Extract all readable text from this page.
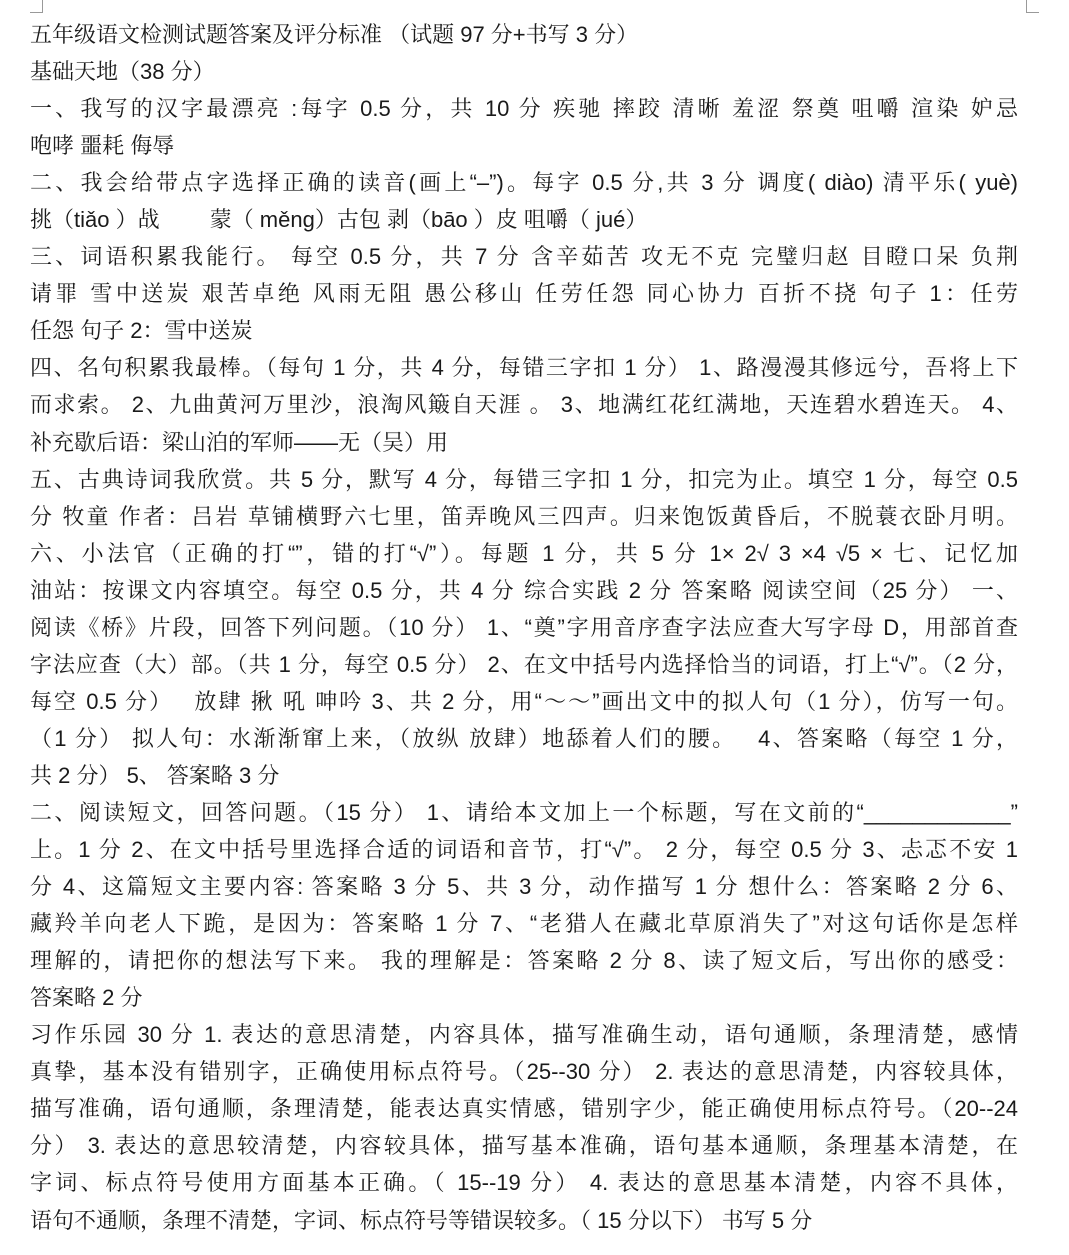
五年级语文检测试题答案及评分标准 （试题 97 分+书写 3 分）
基础天地（38 分）
一、我写的汉字最漂亮 :每字 0.5 分，共 10 分 疾驰 摔跤 清晰 羞涩 祭奠 咀嚼 渲染 妒忌
咆哮 噩耗 侮辱
二、我会给带点字选择正确的读音(画上“–”)。每字 0.5 分,共 3 分 调度( diào) 清平乐( yuè)
挑（tiǎo ）战　　 蒙（ měng）古包 剥（bāo ）皮 咀嚼（ jué）
三、词语积累我能行。 每空 0.5 分，共 7 分 含辛茹苦 攻无不克 完璧归赵 目瞪口呆 负荆
请罪 雪中送炭 艰苦卓绝 风雨无阻 愚公移山 任劳任怨 同心协力 百折不挠 句子 1：任劳
任怨 句子 2：雪中送炭
四、名句积累我最棒。（每句 1 分，共 4 分，每错三字扣 1 分） 1、路漫漫其修远兮，吾将上下
而求索。 2、九曲黄河万里沙，浪淘风簸自天涯 。 3、地满红花红满地，天连碧水碧连天。 4、
补充歇后语：梁山泊的军师——无（吴）用
五、古典诗词我欣赏。共 5 分，默写 4 分，每错三字扣 1 分，扣完为止。填空 1 分，每空 0.5
分 牧童 作者：吕岩 草铺横野六七里，笛弄晚风三四声。归来饱饭黄昏后，不脱蓑衣卧月明。
六、小法官（正确的打“”，错的打“√”）。每题 1 分，共 5 分 1× 2√ 3 ×4 √5 × 七、记忆加
油站：按课文内容填空。每空 0.5 分，共 4 分 综合实践 2 分 答案略 阅读空间（25 分） 一、
阅读《桥》片段，回答下列问题。（10 分） 1、“奠”字用音序查字法应查大写字母 D，用部首查
字法应查（大）部。（共 1 分，每空 0.5 分） 2、在文中括号内选择恰当的词语，打上“√”。（2 分，
每空 0.5 分）　 放肆 揪 吼 呻吟 3、共 2 分，用“～～”画出文中的拟人句（1 分），仿写一句。
（1 分） 拟人句：水渐渐窜上来，（放纵 放肆）地舔着人们的腰。　 4、答案略（每空 1 分，
共 2 分） 5、 答案略 3 分
二、阅读短文，回答问题。（15 分） 1、请给本文加上一个标题，写在文前的“____________”
上。1 分 2、在文中括号里选择合适的词语和音节，打“√”。 2 分，每空 0.5 分 3、忐忑不安 1
分 4、这篇短文主要内容: 答案略 3 分 5、共 3 分，动作描写 1 分 想什么：答案略 2 分 6、
藏羚羊向老人下跪，是因为：答案略 1 分 7、“老猎人在藏北草原消失了”对这句话你是怎样
理解的，请把你的想法写下来。 我的理解是：答案略 2 分 8、读了短文后，写出你的感受：
答案略 2 分
习作乐园 30 分 1. 表达的意思清楚，内容具体，描写准确生动，语句通顺，条理清楚，感情
真挚，基本没有错别字，正确使用标点符号。（25--30 分） 2. 表达的意思清楚，内容较具体，
描写准确，语句通顺，条理清楚，能表达真实情感，错别字少，能正确使用标点符号。（20--24
分） 3. 表达的意思较清楚，内容较具体，描写基本准确，语句基本通顺，条理基本清楚，在
字词、标点符号使用方面基本正确。（ 15--19 分） 4. 表达的意思基本清楚，内容不具体，
语句不通顺，条理不清楚，字词、标点符号等错误较多。（ 15 分以下） 书写 5 分
